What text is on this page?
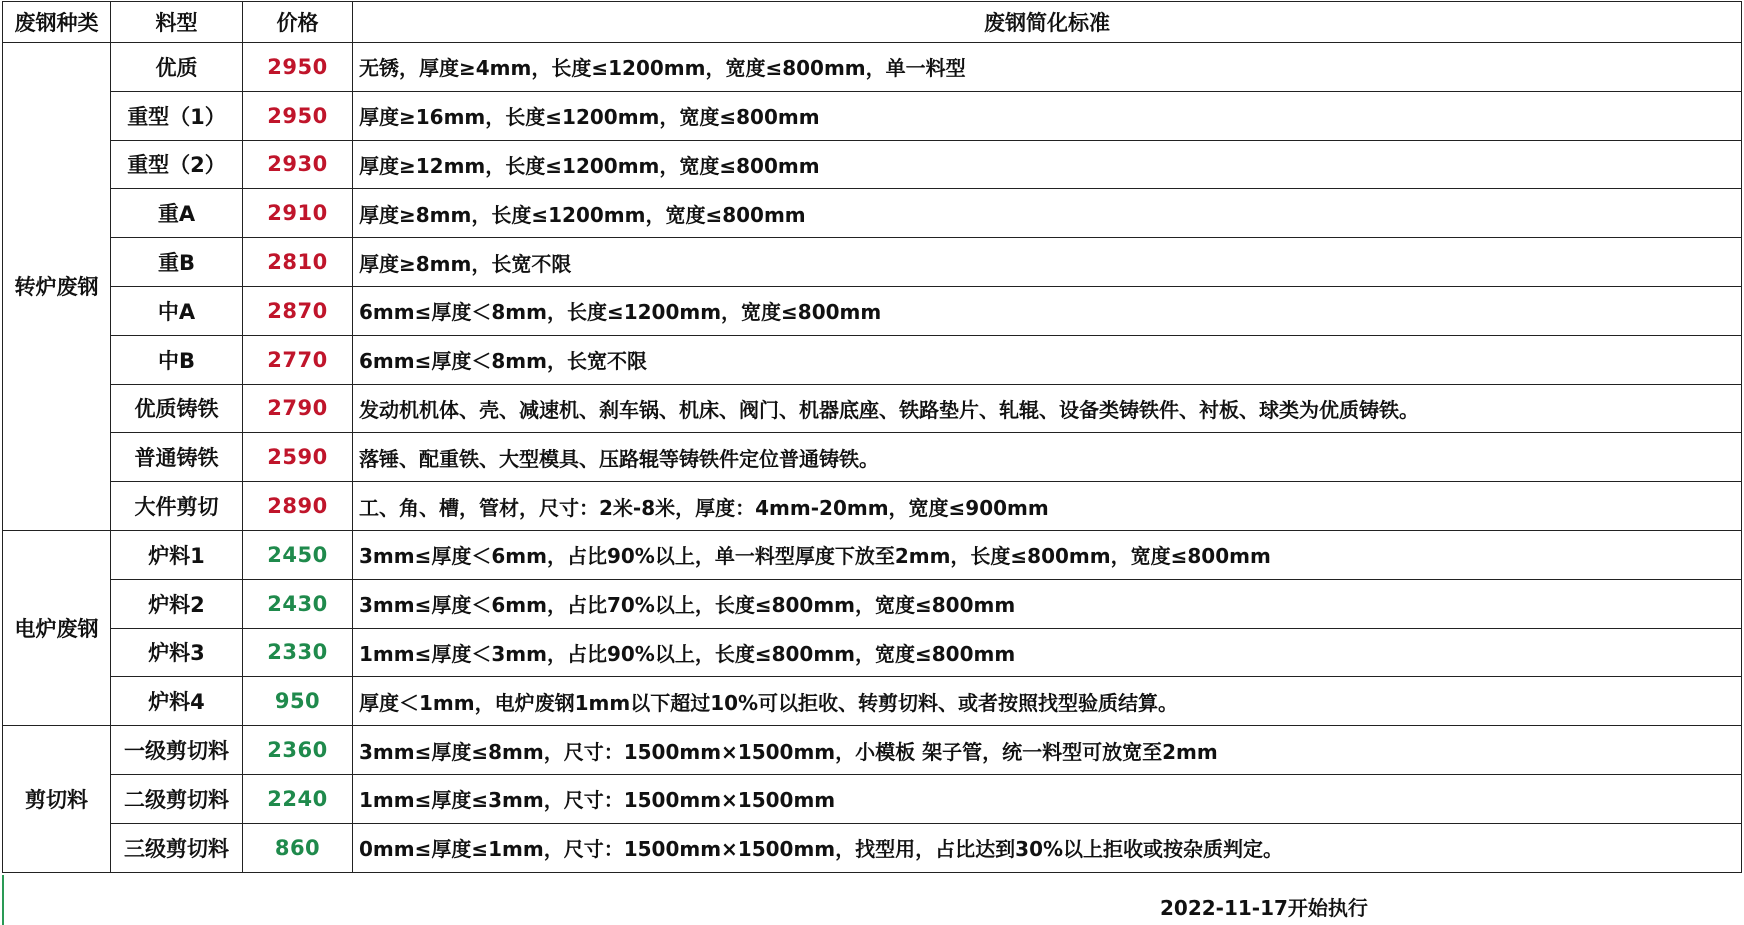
废钢种类	料型	价格	废钢简化标准
转炉废钢	优质	2950	无锈，厚度≥4mm，长度≤1200mm，宽度≤800mm，单一料型
	重型（1）	2950	厚度≥16mm，长度≤1200mm，宽度≤800mm
	重型（2）	2930	厚度≥12mm，长度≤1200mm，宽度≤800mm
	重A	2910	厚度≥8mm，长度≤1200mm，宽度≤800mm
	重B	2810	厚度≥8mm，长宽不限
	中A	2870	6mm≤厚度＜8mm，长度≤1200mm，宽度≤800mm
	中B	2770	6mm≤厚度＜8mm，长宽不限
	优质铸铁	2790	发动机机体、壳、减速机、刹车锅、机床、阀门、机器底座、铁路垫片、轧辊、设备类铸铁件、衬板、球类为优质铸铁。
	普通铸铁	2590	落锤、配重铁、大型模具、压路辊等铸铁件定位普通铸铁。
	大件剪切	2890	工、角、槽，管材，尺寸：2米-8米，厚度：4mm-20mm，宽度≤900mm
电炉废钢	炉料1	2450	3mm≤厚度＜6mm，占比90%以上，单一料型厚度下放至2mm，长度≤800mm，宽度≤800mm
	炉料2	2430	3mm≤厚度＜6mm，占比70%以上，长度≤800mm，宽度≤800mm
	炉料3	2330	1mm≤厚度＜3mm，占比90%以上，长度≤800mm，宽度≤800mm
	炉料4	950	厚度＜1mm，电炉废钢1mm以下超过10%可以拒收、转剪切料、或者按照找型验质结算。
剪切料	一级剪切料	2360	3mm≤厚度≤8mm，尺寸：1500mm×1500mm，小模板 架子管，统一料型可放宽至2mm
	二级剪切料	2240	1mm≤厚度≤3mm，尺寸：1500mm×1500mm
	三级剪切料	860	0mm≤厚度≤1mm，尺寸：1500mm×1500mm，找型用，占比达到30%以上拒收或按杂质判定。
2022-11-17开始执行
